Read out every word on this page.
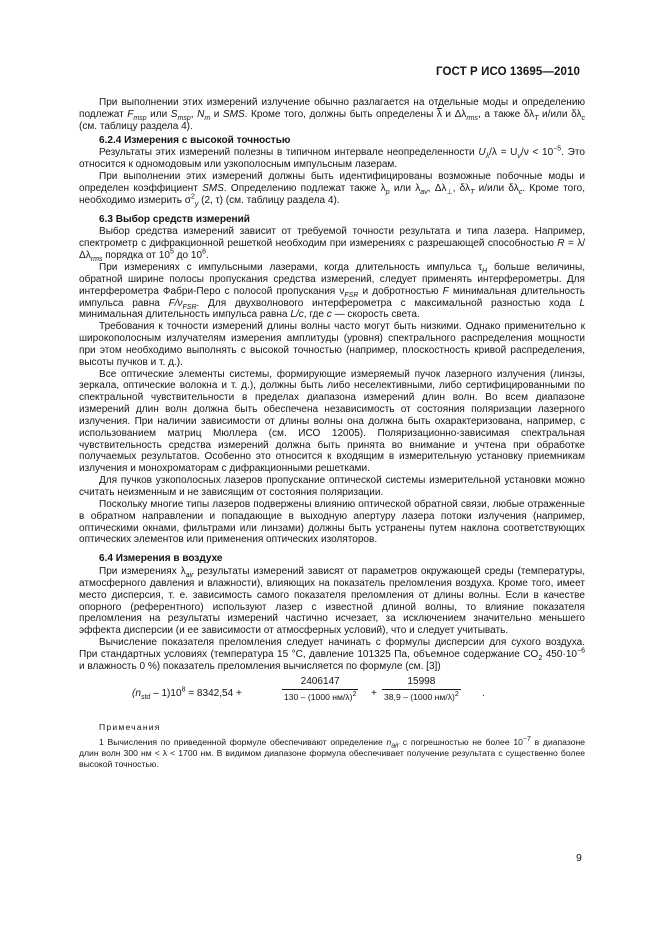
ГОСТ Р ИСО 13695—2010

При выполнении этих измерений излучение обычно разлагается на отдельные моды и определению подлежат $F_{msp}$ или $S_{msp}$, $N_m$ и SMS. Кроме того, должны быть определены $\overline{\lambda}$ и $\Delta\lambda_{rms}$, а также $\delta\lambda_T$ и/или $\delta\lambda_c$ (см. таблицу раздела 4).

6.2.4 Измерения с высокой точностью

Результаты этих измерений полезны в типичном интервале неопределенности $U_\lambda/\lambda = U_\nu/\nu < 10^{-5}$. Это относится к одномодовым или узкополосным импульсным лазерам.

При выполнении этих измерений должны быть идентифицированы возможные побочные моды и определен коэффициент SMS. Определению подлежат также $\lambda_p$ или $\lambda_{av}$, $\Delta\lambda_\perp$, $\delta\lambda_T$ и/или $\delta\lambda_c$. Кроме того, необходимо измерить $\sigma^2_y$ (2, τ) (см. таблицу раздела 4).

6.3 Выбор средств измерений

Выбор средства измерений зависит от требуемой точности результата и типа лазера. Например, спектрометр с дифракционной решеткой необходим при измерениях с разрешающей способностью $R = \lambda/\Delta\lambda_{rms}$ порядка от $10^5$ до $10^6$.

При измерениях с импульсными лазерами, когда длительность импульса $\tau_H$ больше величины, обратной ширине полосы пропускания средства измерений, следует применять интерферометры. Для интерферометра Фабри-Перо с полосой пропускания $\nu_{FSR}$ и добротностью F минимальная длительность импульса равна $F/\nu_{FSR}$. Для двухволнового интерферометра с максимальной разностью хода L минимальная длительность импульса равна L/c, где c — скорость света.

Требования к точности измерений длины волны часто могут быть низкими. Однако применительно к широкополосным излучателям измерения амплитуды (уровня) спектрального распределения мощности при этом необходимо выполнять с высокой точностью (например, плоскостность кривой распределения, высоты пучков и т. д.).

Все оптические элементы системы, формирующие измеряемый пучок лазерного излучения (линзы, зеркала, оптические волокна и т. д.), должны быть либо неселективными, либо сертифицированными по спектральной чувствительности в пределах диапазона измерений длин волн. Во всем диапазоне измерений длин волн должна быть обеспечена независимость от состояния поляризации лазерного излучения. При наличии зависимости от длины волны она должна быть охарактеризована, например, с использованием матриц Мюллера (см. ИСО 12005). Поляризационно-зависимая спектральная чувствительность средства измерений должна быть принята во внимание и учтена при обработке получаемых результатов. Особенно это относится к входящим в измерительную установку приемникам излучения и монохроматорам с дифракционными решетками.

Для пучков узкополосных лазеров пропускание оптической системы измерительной установки можно считать неизменным и не зависящим от состояния поляризации.

Поскольку многие типы лазеров подвержены влиянию оптической обратной связи, любые отраженные в обратном направлении и попадающие в выходную апертуру лазера потоки излучения (например, оптическими окнами, фильтрами или линзами) должны быть устранены путем наклона соответствующих оптических элементов или применения оптических изоляторов.

6.4 Измерения в воздухе

При измерениях $\lambda_{air}$ результаты измерений зависят от параметров окружающей среды (температуры, атмосферного давления и влажности), влияющих на показатель преломления воздуха. Кроме того, имеет место дисперсия, т. е. зависимость самого показателя преломления от длины волны. Если в качестве опорного (референтного) используют лазер с известной длиной волны, то влияние показателя преломления на результаты измерений частично исчезает, за исключением значительно меньшего эффекта дисперсии (и ее зависимости от атмосферных условий), что и следует учитывать.

Вычисление показателя преломления следует начинать с формулы дисперсии для сухого воздуха. При стандартных условиях (температура 15 °С, давление 101325 Па, объемное содержание $CO_2$ $450\cdot 10^{-6}$ и влажность 0 %) показатель преломления вычисляется по формуле (см. [3])

$(n_{std} - 1)10^8 = 8342,54$ +
2406147
130 – (1000 нм/λ)$^2$ +
15998
38,9 – (1000 нм/λ)$^2$ .

Примечания

1 Вычисления по приведенной формуле обеспечивают определение $n_{air}$ с погрешностью не более $10^{-7}$ в диапазоне длин волн 300 нм < λ < 1700 нм. В видимом диапазоне формула обеспечивает получение результата с существенно более высокой точностью.

9
